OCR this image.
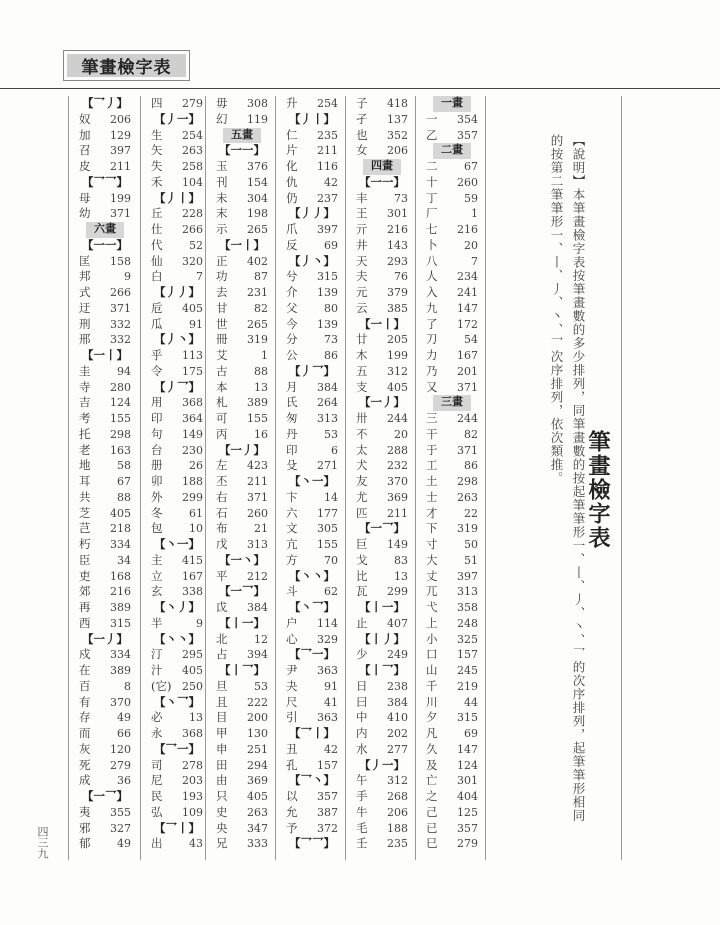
筆畫檢字表
【乛丿】
奴 206
加 129
召 397
皮 211
【乛乛】
母 199
幼 371
六畫
【一一】
匡 158
邦	9
式 266
迂 371
刑 332
邢 332
【一丨】
圭 94
寺 280
吉 124
考 155
托 298
老 163
地 58
耳 67
共 88
芝 405
芑 218
朽 334
臣 34
吏 168
郊 216
再 389
西 315
【一丿】
戍 334
在 389
百	8
有 370
存 49
而 66
灰 120
死 279
成 36
【一乛】
夷 355
邪 327
郁 49
四 279
【丿一】
生 254
矢 263
失 258
禾 104
【丿丨】
丘 228
仕 266
代 52
仙 320
白	7
【丿丿】
卮 405
瓜 91
【丿丶】
乎 113
令 175
【丿乛】
用 368
印 364
句 149
台 230
册 26
卯 188
外 299
冬 61
包 10
【丶一】
主 415
立 167
玄 338
【丶丿】
半	9
【丶丶】
汀 295
汁 405
(它) 250
【丶乛】
必 13
永 368
【乛一】
司 278
尼 203
民 193
弘 109
【乛丨】
出 43
毋 308
幻 119
五畫
【一一】
玉 376
刊 154
未 304
末 198
示 265
【一丨】
正 402
功 87
去 231
甘 82
世 265
冊 319
艾	1
古 88
本 13
札 389
可 155
丙 16
【一丿】
左 423
丕 211
右 371
石 260
布 21
戊 313
【一丶】
平 212
【一乛】
戉 384
【丨一】
北 12
占 394
【丨乛】
旦 53
且 222
目 200
甲 130
申 251
田 294
由 369
只 405
史 263
央 347
兄 333
升 254
【丿丨】
仁 235
片 211
化 116
仇 42
仍 237
【丿丿】
爪 397
反 69
【丿丶】
兮 315
介 139
父 80
今 139
分 73
公 86
【丿乛】
月 384
氏 264
匆 313
丹 53
印	6
殳 271
【丶一】
卞 14
六 177
文 305
亢 155
方 70
【丶丶】
斗 62
【丶乛】
户 114
心 329
【乛一】
尹 363
夬 91
尺 41
引 363
【乛丨】
丑 42
孔 157
【乛丶】
以 357
允 387
予 372
【乛乛】
子 418
孑 137
也 352
女 206
四畫
【一一】
丰 73
王 301
亓 216
井 143
天 293
夫 76
元 379
云 385
【一丨】
廿 205
木 199
五 312
支 405
【一丿】
卅 244
不 20
太 288
犬 232
友 370
尤 369
匹 211
【一乛】
巨 149
戈 83
比 13
瓦 299
【丨一】
止 407
【丨丿】
少 249
【丨乛】
日 238
曰 384
中 410
内 202
水 277
【丿一】
午 312
手 268
牛 206
毛 188
壬 235
一畫
一 354
乙 357
二畫
二 67
十 260
丁 59
厂	1
七 216
卜 20
八	7
人 234
入 241
九 147
了 172
刀 54
力 167
乃 201
又 371
三畫
三 244
干 82
于 371
工 86
土 298
士 263
才 22
下 319
寸 50
大 51
丈 397
兀 313
弋 358
上 248
小 325
口 157
山 245
千 219
川 44
夕 315
凡 69
久 147
及 124
亡 301
之 404
己 125
已 357
巳 279
【說明】本筆畫檢字表按筆畫數的多少排列，同筆畫數的按起筆筆形一、丨、丿、丶、乛的次序排列，起筆筆形相同的按第二筆筆形一、丨、丿、丶、乛次序排列，依次類推。
筆畫檢字表
四三九
